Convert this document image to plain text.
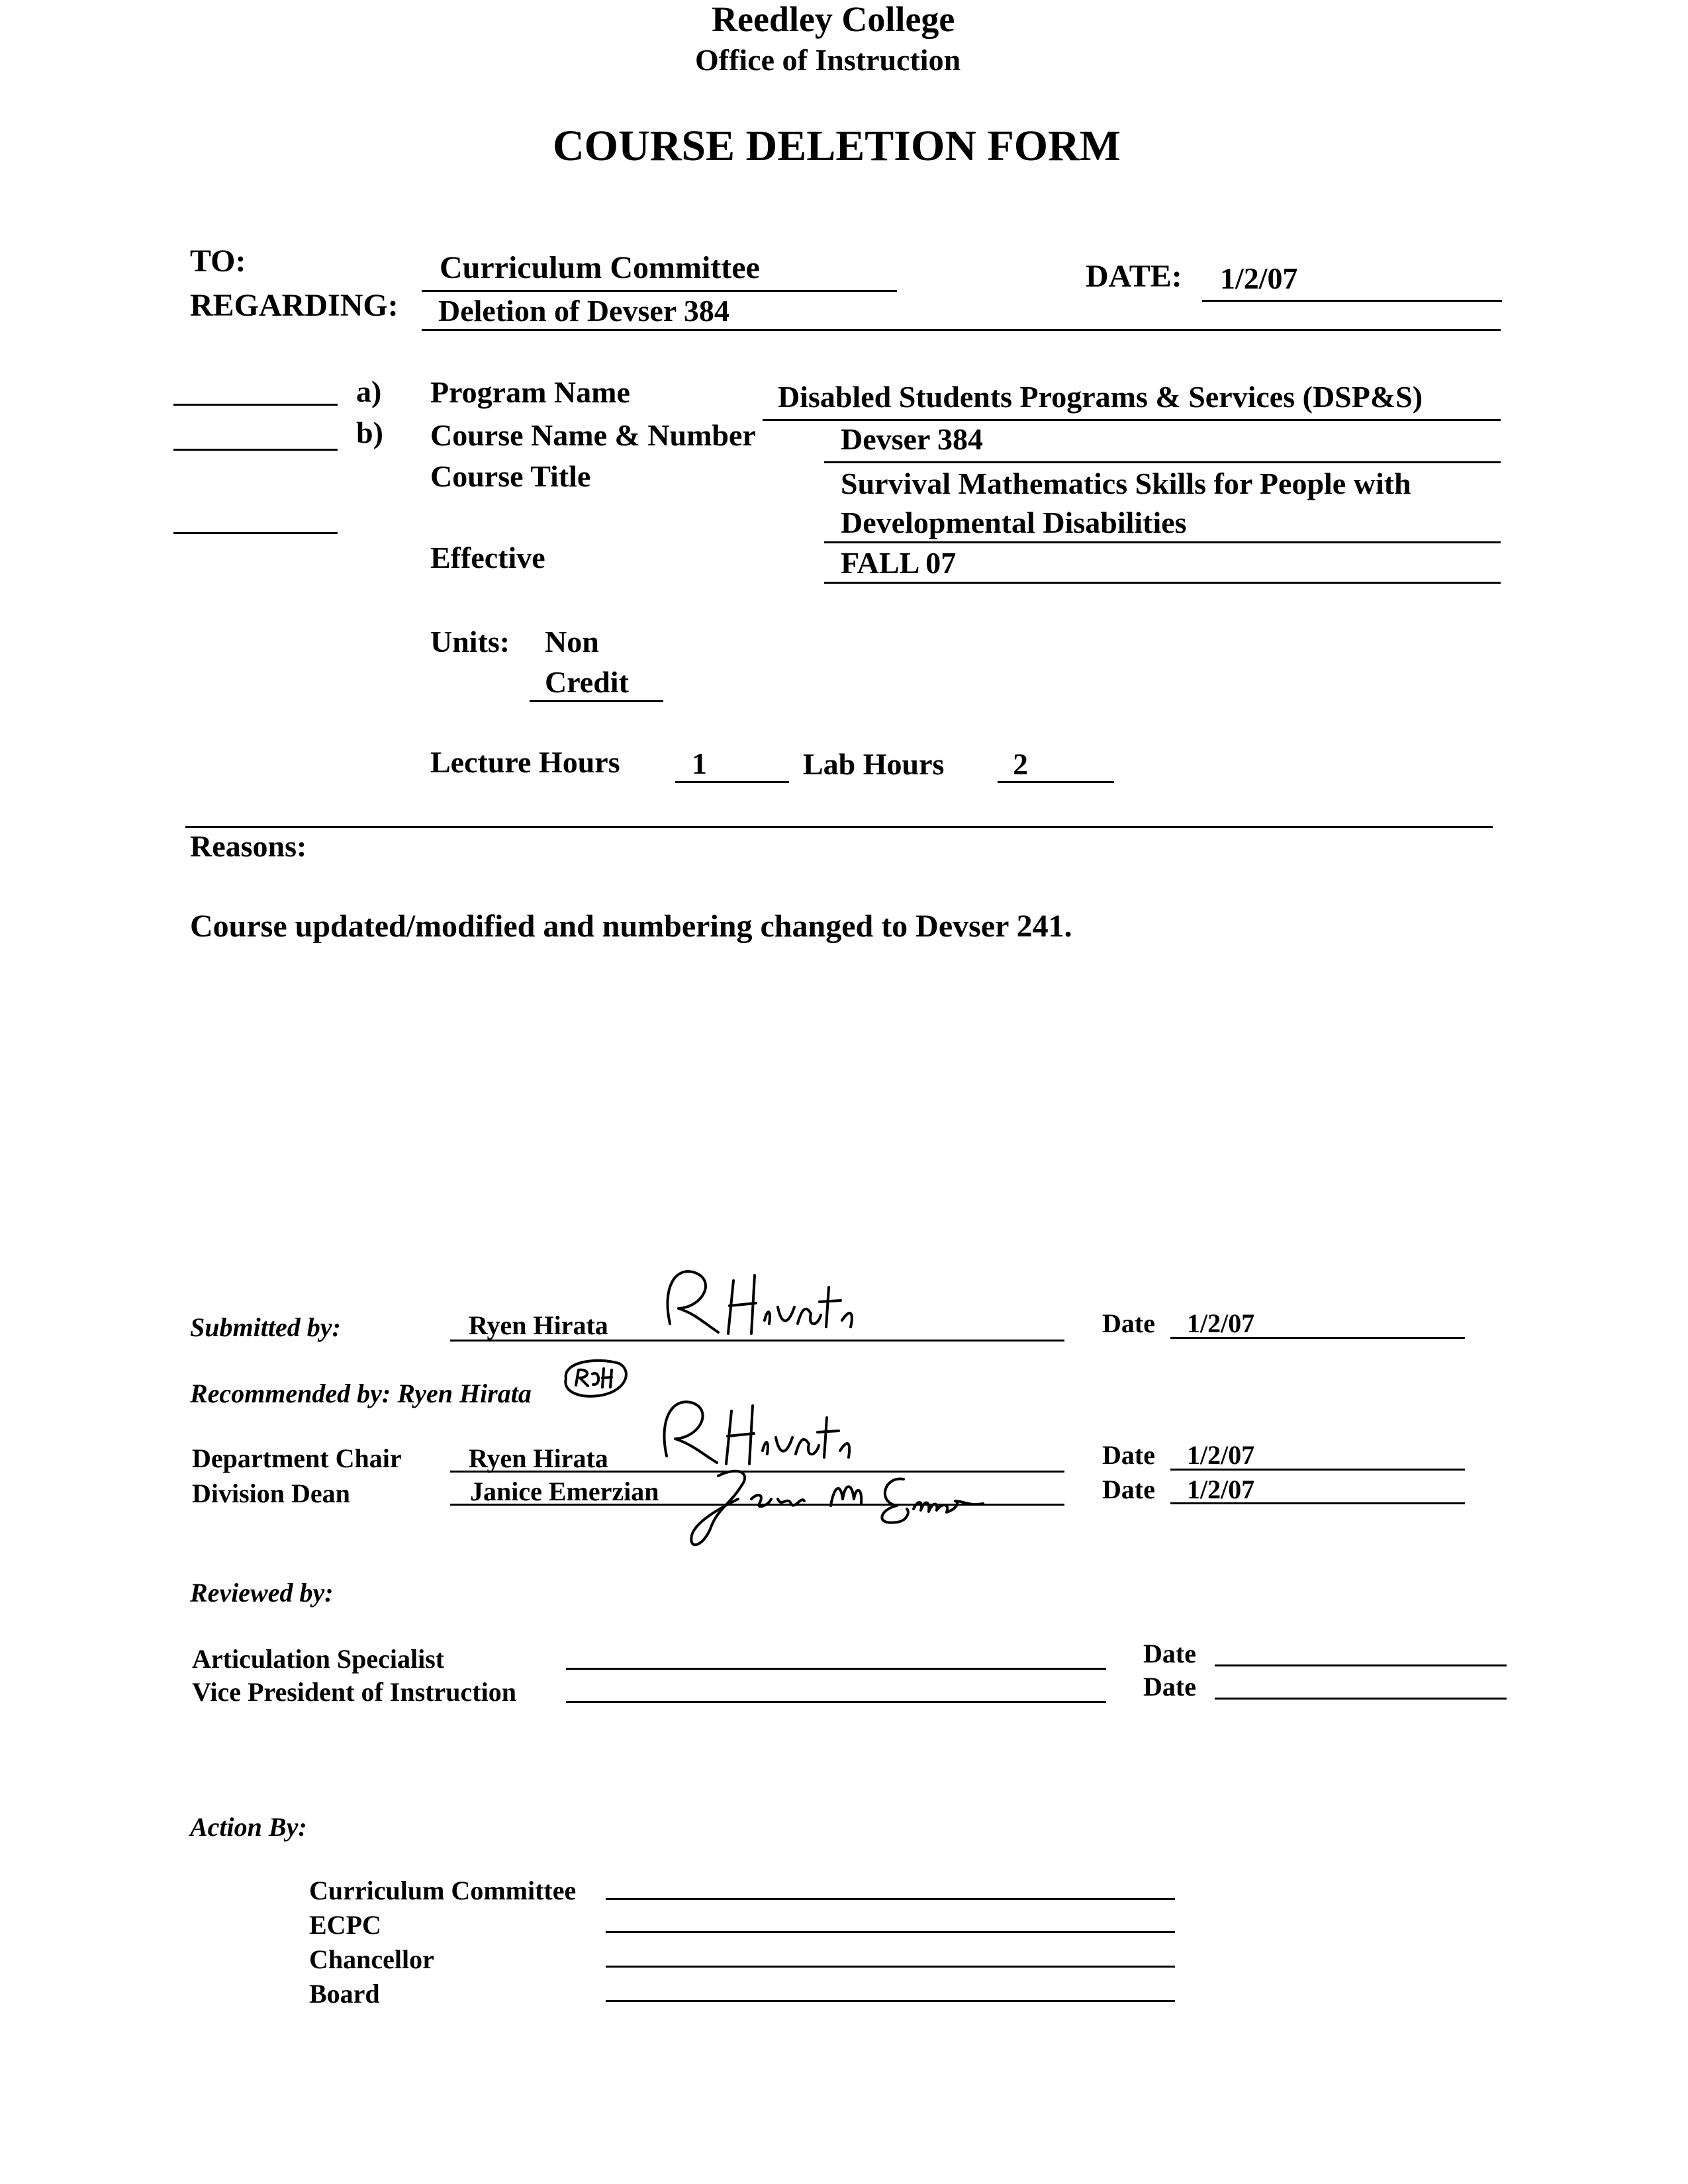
Reedley College
Office of Instruction
COURSE DELETION FORM
TO:	Curriculum Committee	DATE: 1/2/07
REGARDING: Deletion of Devser 384
a)
b)
Program Name	Disabled Students Programs & Services (DSP&S)
Course Name & Number	Devser 384
Course Title	Survival Mathematics Skills for People with
Developmental Disabilities
Effective	FALL 07
Units: Non
Credit
Lecture Hours 1	Lab Hours 2
Reasons:
Course updated/modified and numbering changed to Devser 241.
Submitted by:	Ryen Hirata	Date 1/2/07
Recommended by: Ryen Hirata
Department Chair	Ryen Hirata	Date 1/2/07
Division Dean	Janice Emerzian	Date 1/2/07
Reviewed by:
Articulation Specialist	Date
Vice President of Instruction	Date
Action By:
Curriculum Committee
ECPC
Chancellor
Board
